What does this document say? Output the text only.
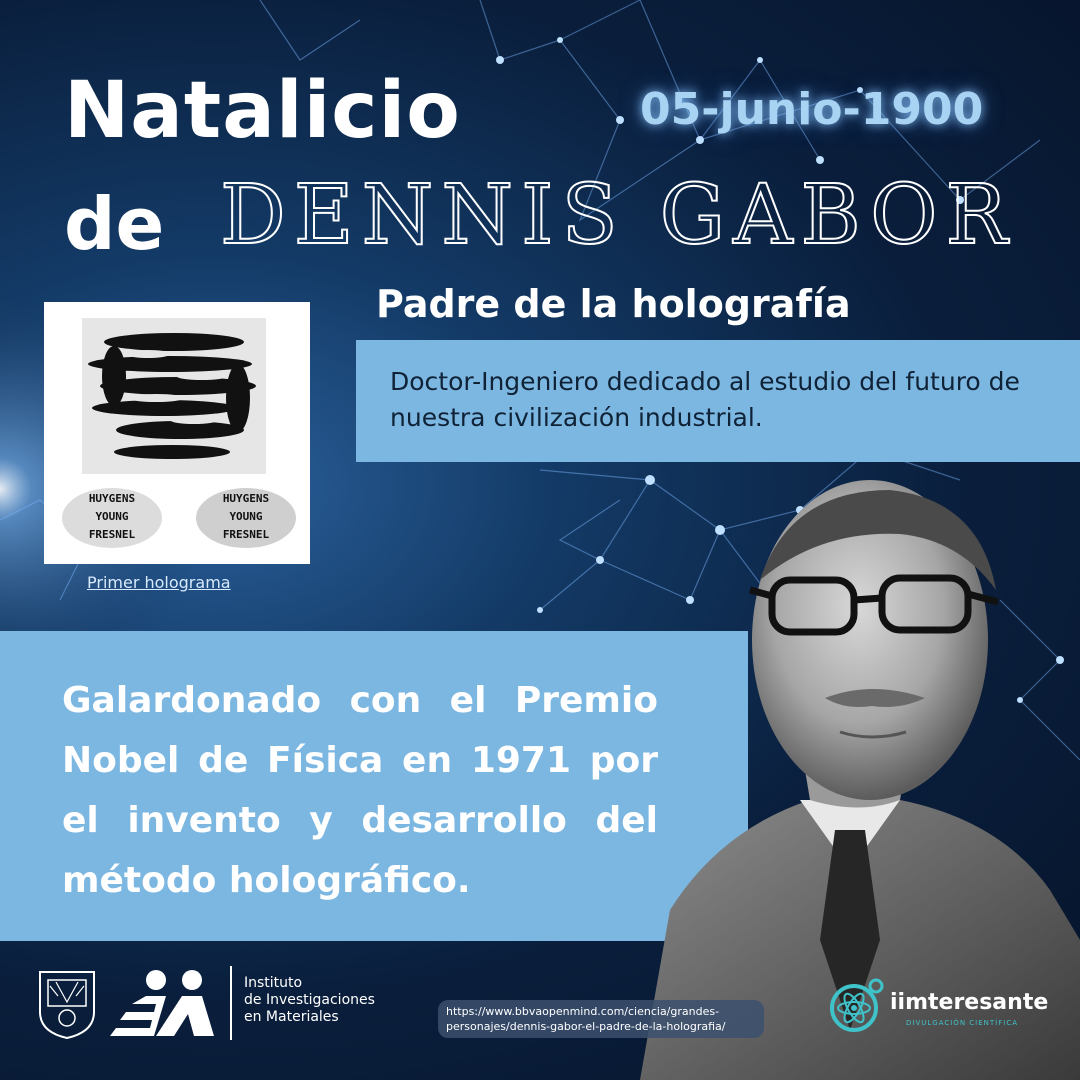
Natalicio
de DENNIS GABOR
05-junio-1900
Padre de la holografía
Doctor-Ingeniero dedicado al estudio del futuro de nuestra civilización industrial.
HUYGENS
YOUNG
FRESNEL
HUYGENS
YOUNG
FRESNEL
Primer holograma

Galardonado con el Premio Nobel de Física en 1971 por el invento y desarrollo del método holográfico.

Instituto
de Investigaciones
en Materiales	https://www.bbvaopenmind.com/ciencia/grandes-personajes/dennis-gabor-el-padre-de-la-holografia/
iimteresante
DIVULGACIÓN CIENTÍFICA
